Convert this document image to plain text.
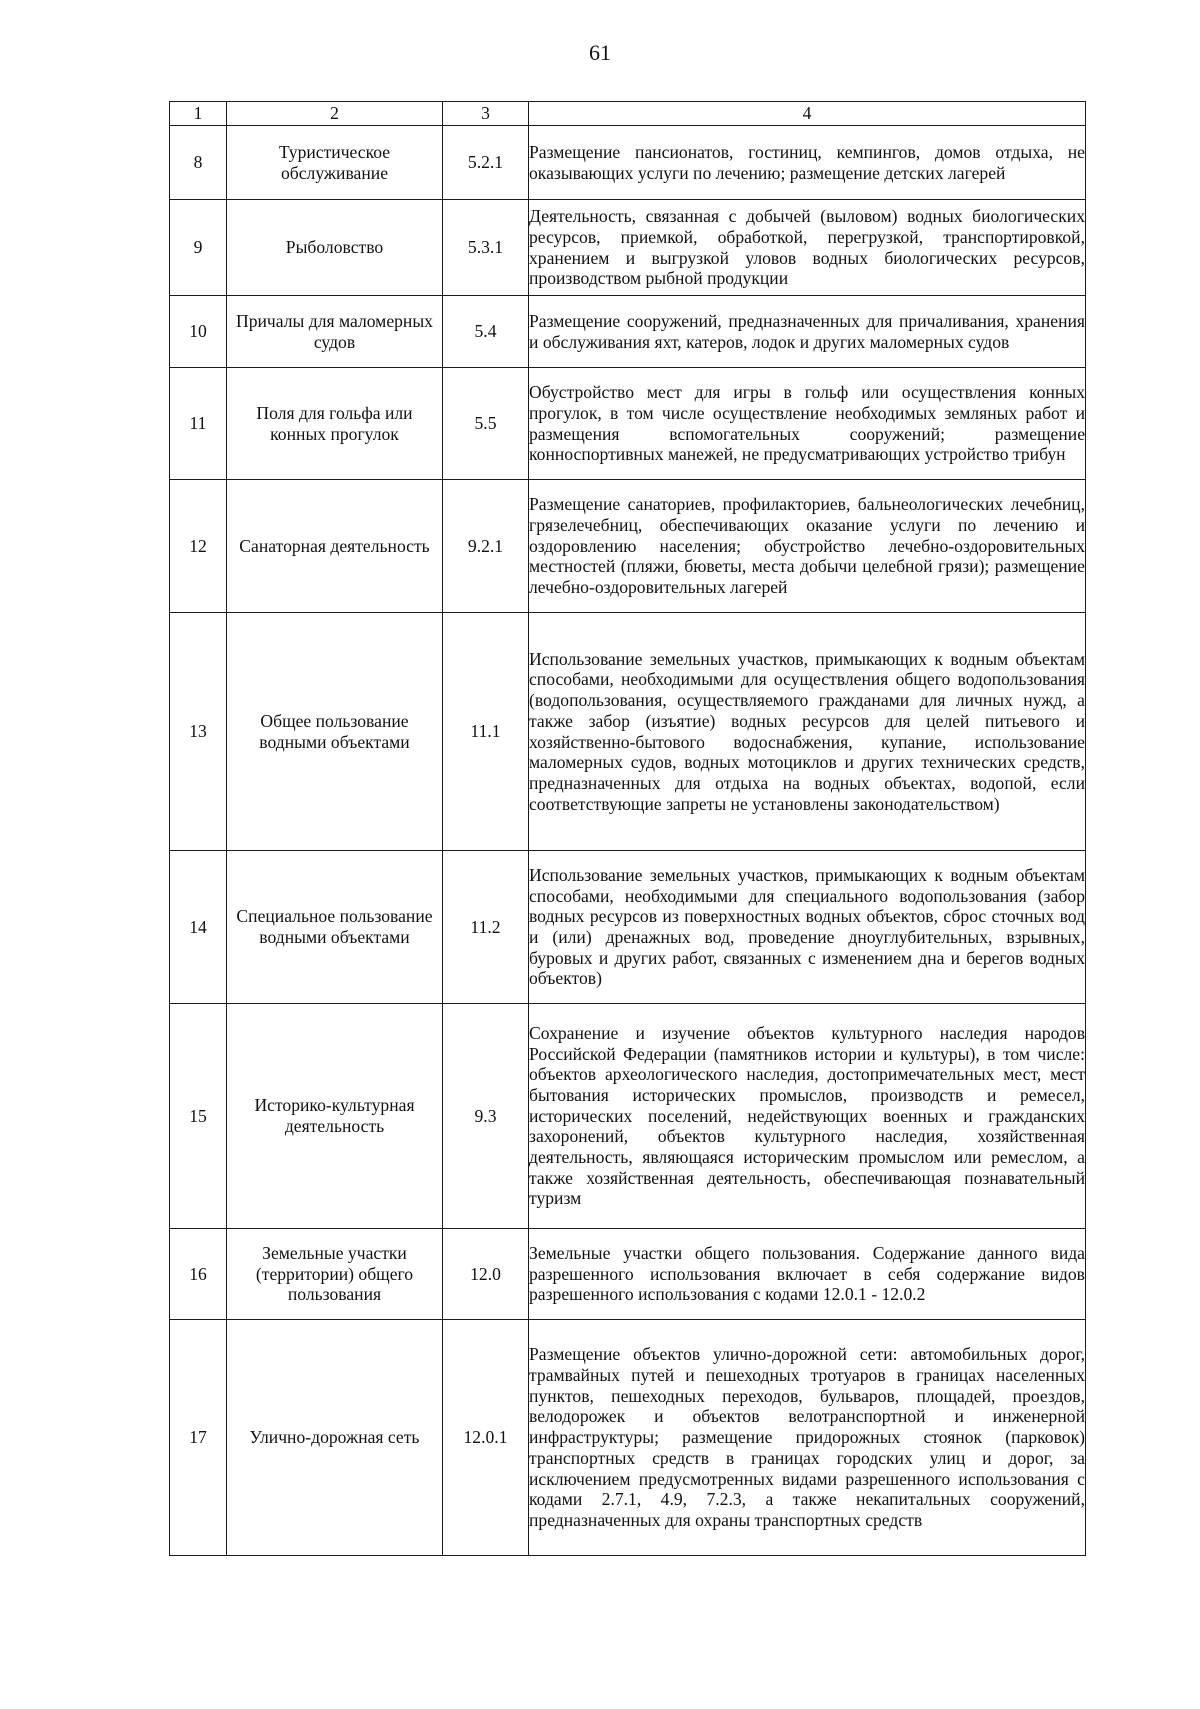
61
1	2	3	4
8	Туристическое обслуживание	5.2.1	Размещение пансионатов, гостиниц, кемпингов, домов отдыха, не оказывающих услуги по лечению; размещение детских лагерей
9	Рыболовство	5.3.1	Деятельность, связанная с добычей (выловом) водных биологических ресурсов, приемкой, обработкой, перегрузкой, транспортировкой, хранением и выгрузкой уловов водных биологических ресурсов, производством рыбной продукции
10	Причалы для маломерных судов	5.4	Размещение сооружений, предназначенных для причаливания, хранения и обслуживания яхт, катеров, лодок и других маломерных судов
11	Поля для гольфа или конных прогулок	5.5	Обустройство мест для игры в гольф или осуществления конных прогулок, в том числе осуществление необходимых земляных работ и размещения вспомогательных сооружений; размещение конноспортивных манежей, не предусматривающих устройство трибун
12	Санаторная деятельность	9.2.1	Размещение санаториев, профилакториев, бальнеологических лечебниц, грязелечебниц, обеспечивающих оказание услуги по лечению и оздоровлению населения; обустройство лечебно-оздоровительных местностей (пляжи, бюветы, места добычи целебной грязи); размещение лечебно-оздоровительных лагерей
13	Общее пользование водными объектами	11.1	Использование земельных участков, примыкающих к водным объектам способами, необходимыми для осуществления общего водопользования (водопользования, осуществляемого гражданами для личных нужд, а также забор (изъятие) водных ресурсов для целей питьевого и хозяйственно-бытового водоснабжения, купание, использование маломерных судов, водных мотоциклов и других технических средств, предназначенных для отдыха на водных объектах, водопой, если соответствующие запреты не установлены законодательством)
14	Специальное пользование водными объектами	11.2	Использование земельных участков, примыкающих к водным объектам способами, необходимыми для специального водопользования (забор водных ресурсов из поверхностных водных объектов, сброс сточных вод и (или) дренажных вод, проведение дноуглубительных, взрывных, буровых и других работ, связанных с изменением дна и берегов водных объектов)
15	Историко-культурная деятельность	9.3	Сохранение и изучение объектов культурного наследия народов Российской Федерации (памятников истории и культуры), в том числе: объектов археологического наследия, достопримечательных мест, мест бытования исторических промыслов, производств и ремесел, исторических поселений, недействующих военных и гражданских захоронений, объектов культурного наследия, хозяйственная деятельность, являющаяся историческим промыслом или ремеслом, а также хозяйственная деятельность, обеспечивающая познавательный туризм
16	Земельные участки (территории) общего пользования	12.0	Земельные участки общего пользования. Содержание данного вида разрешенного использования включает в себя содержание видов разрешенного использования с кодами 12.0.1 - 12.0.2
17	Улично-дорожная сеть	12.0.1	Размещение объектов улично-дорожной сети: автомобильных дорог, трамвайных путей и пешеходных тротуаров в границах населенных пунктов, пешеходных переходов, бульваров, площадей, проездов, велодорожек и объектов велотранспортной и инженерной инфраструктуры; размещение придорожных стоянок (парковок) транспортных средств в границах городских улиц и дорог, за исключением предусмотренных видами разрешенного использования с кодами 2.7.1, 4.9, 7.2.3, а также некапитальных сооружений, предназначенных для охраны транспортных средств
